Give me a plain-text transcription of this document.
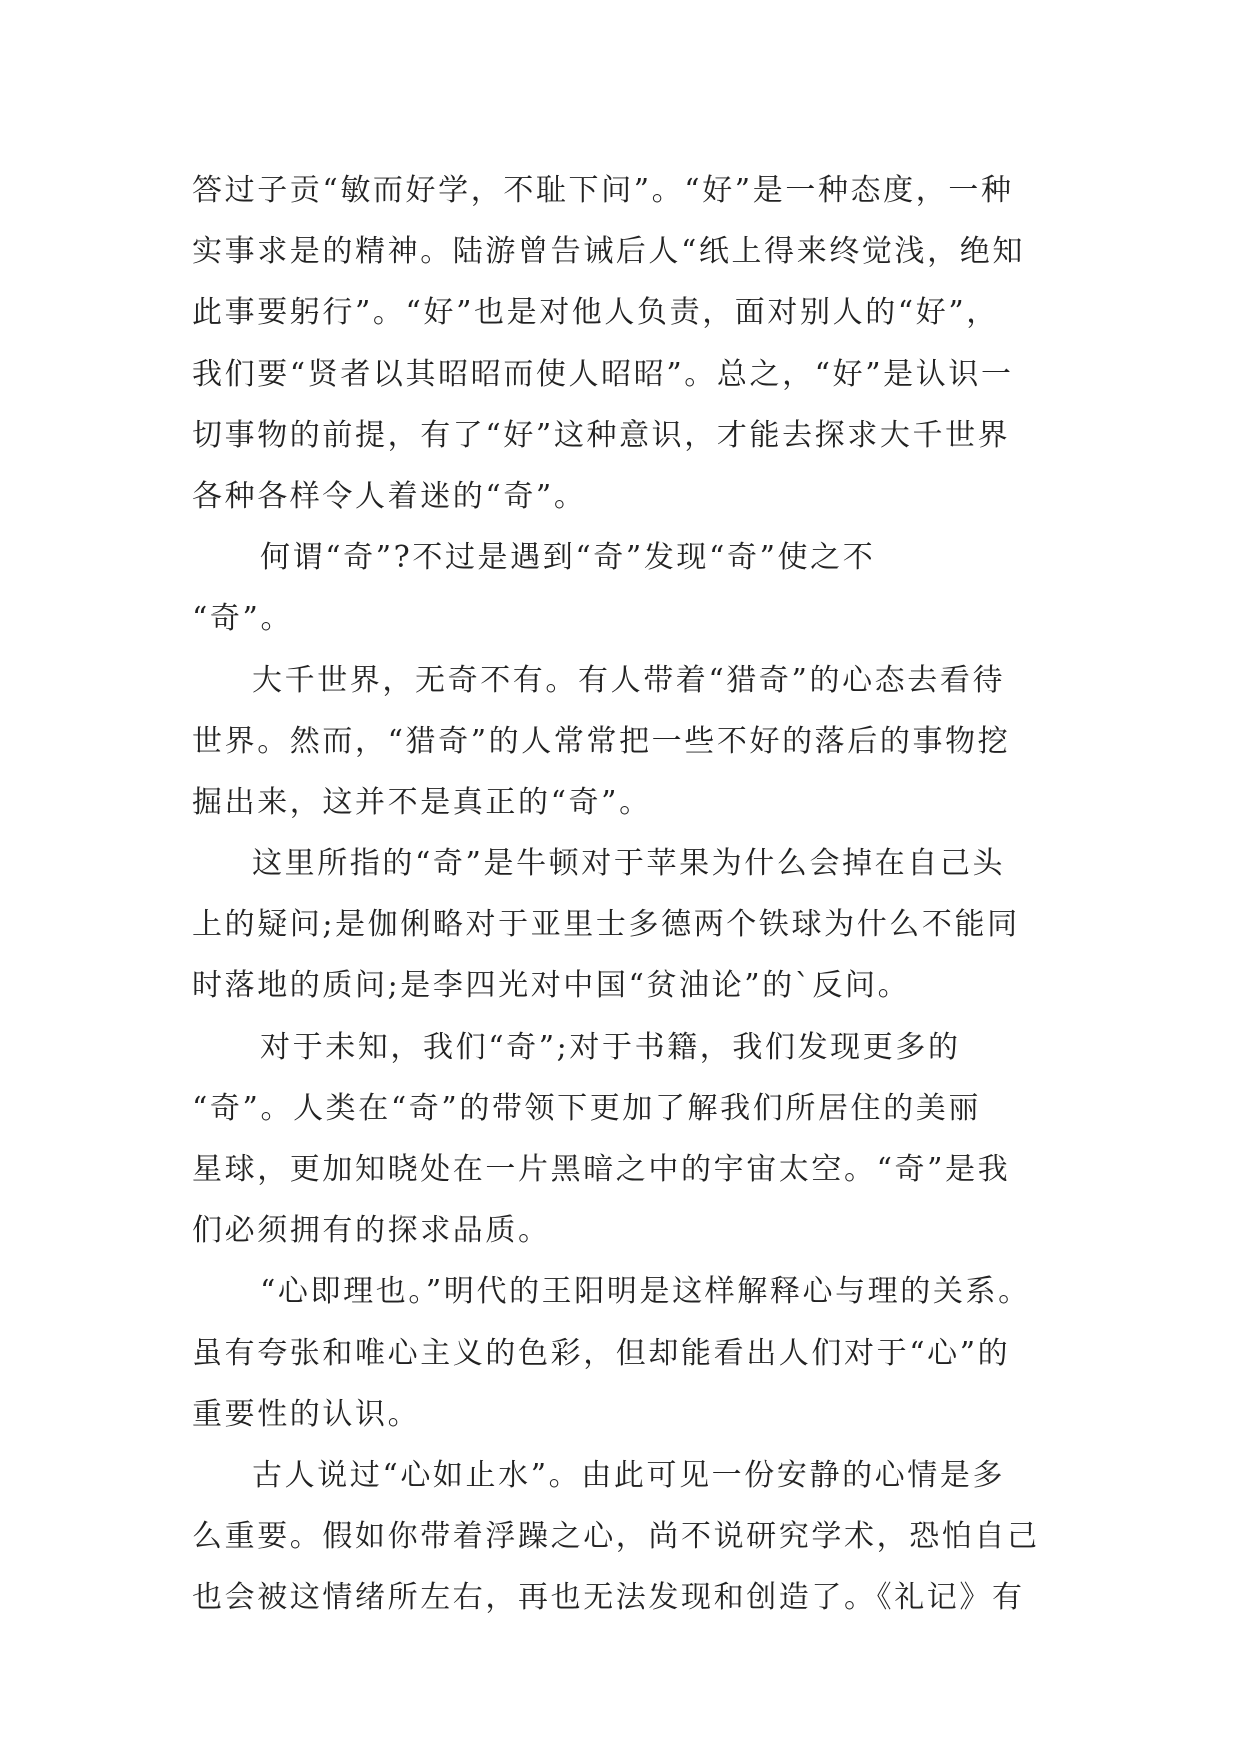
答过子贡“敏而好学，不耻下问”。“好”是一种态度，一种
实事求是的精神。陆游曾告诫后人“纸上得来终觉浅，绝知
此事要躬行”。“好”也是对他人负责，面对别人的“好”，
我们要“贤者以其昭昭而使人昭昭”。总之，“好”是认识一
切事物的前提，有了“好”这种意识，才能去探求大千世界
各种各样令人着迷的“奇”。
何谓“奇”?不过是遇到“奇”发现“奇”使之不
“奇”。
大千世界，无奇不有。有人带着“猎奇”的心态去看待
世界。然而，“猎奇”的人常常把一些不好的落后的事物挖
掘出来，这并不是真正的“奇”。
这里所指的“奇”是牛顿对于苹果为什么会掉在自己头
上的疑问;是伽俐略对于亚里士多德两个铁球为什么不能同
时落地的质问;是李四光对中国“贫油论”的`反问。
对于未知，我们“奇”;对于书籍，我们发现更多的
“奇”。人类在“奇”的带领下更加了解我们所居住的美丽
星球，更加知晓处在一片黑暗之中的宇宙太空。“奇”是我
们必须拥有的探求品质。
“心即理也。”明代的王阳明是这样解释心与理的关系。
虽有夸张和唯心主义的色彩，但却能看出人们对于“心”的
重要性的认识。
古人说过“心如止水”。由此可见一份安静的心情是多
么重要。假如你带着浮躁之心，尚不说研究学术，恐怕自己
也会被这情绪所左右，再也无法发现和创造了。《礼记》有
